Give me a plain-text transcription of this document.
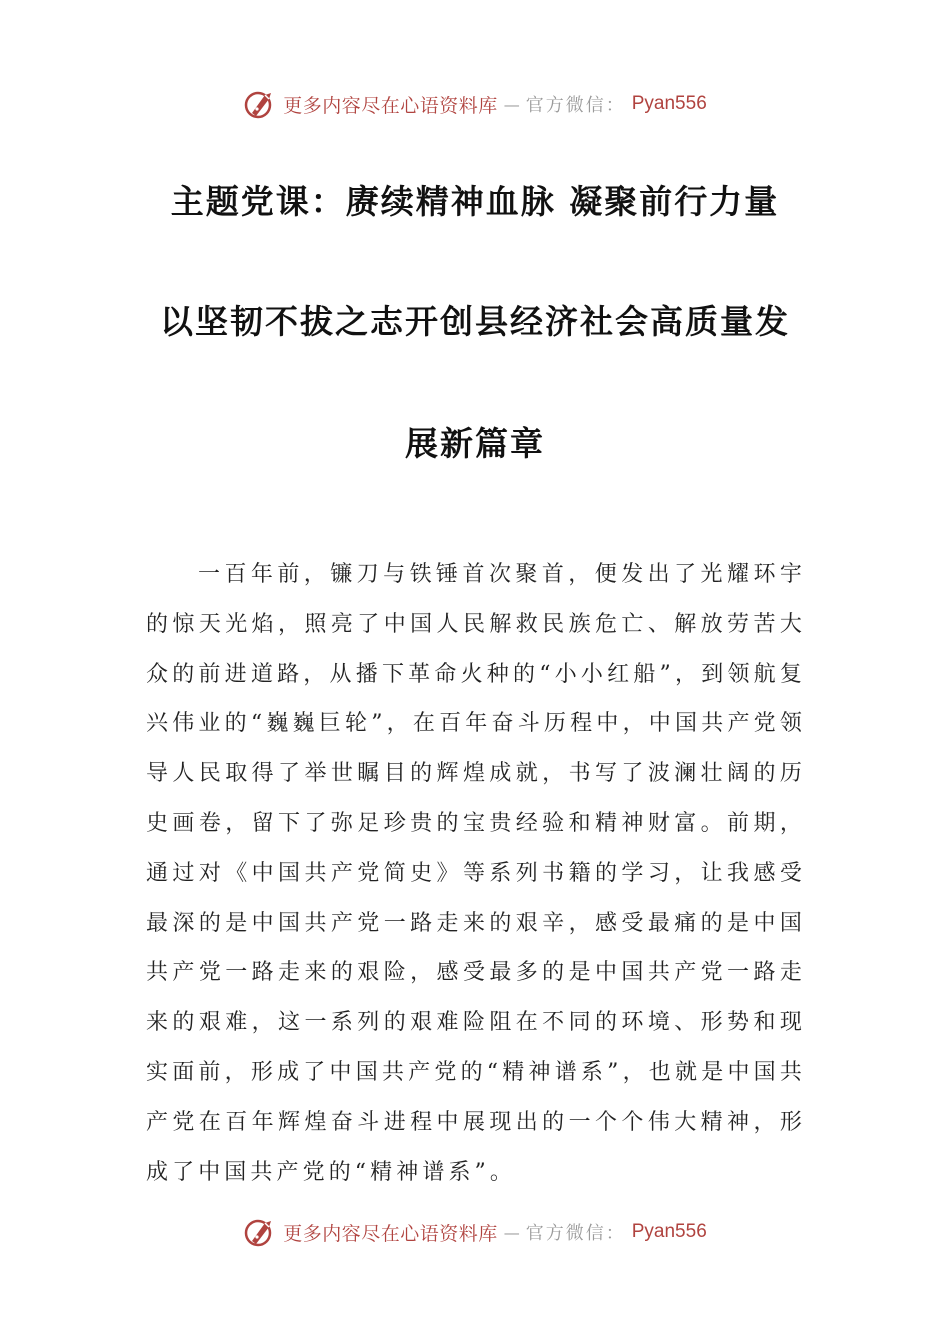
更多内容尽在心语资料库 — 官方微信： Pyan556
主题党课：赓续精神血脉 凝聚前行力量
以坚韧不拔之志开创县经济社会高质量发
展新篇章

一百年前，镰刀与铁锤首次聚首，便发出了光耀环宇的惊天光焰，照亮了中国人民解救民族危亡、解放劳苦大众的前进道路，从播下革命火种的“小小红船”，到领航复兴伟业的“巍巍巨轮”，在百年奋斗历程中，中国共产党领导人民取得了举世瞩目的辉煌成就，书写了波澜壮阔的历史画卷，留下了弥足珍贵的宝贵经验和精神财富。前期，通过对《中国共产党简史》等系列书籍的学习，让我感受最深的是中国共产党一路走来的艰辛，感受最痛的是中国共产党一路走来的艰险，感受最多的是中国共产党一路走来的艰难，这一系列的艰难险阻在不同的环境、形势和现实面前，形成了中国共产党的“精神谱系”，也就是中国共产党在百年辉煌奋斗进程中展现出的一个个伟大精神，形成了中国共产党的“精神谱系”。

更多内容尽在心语资料库 — 官方微信： Pyan556
